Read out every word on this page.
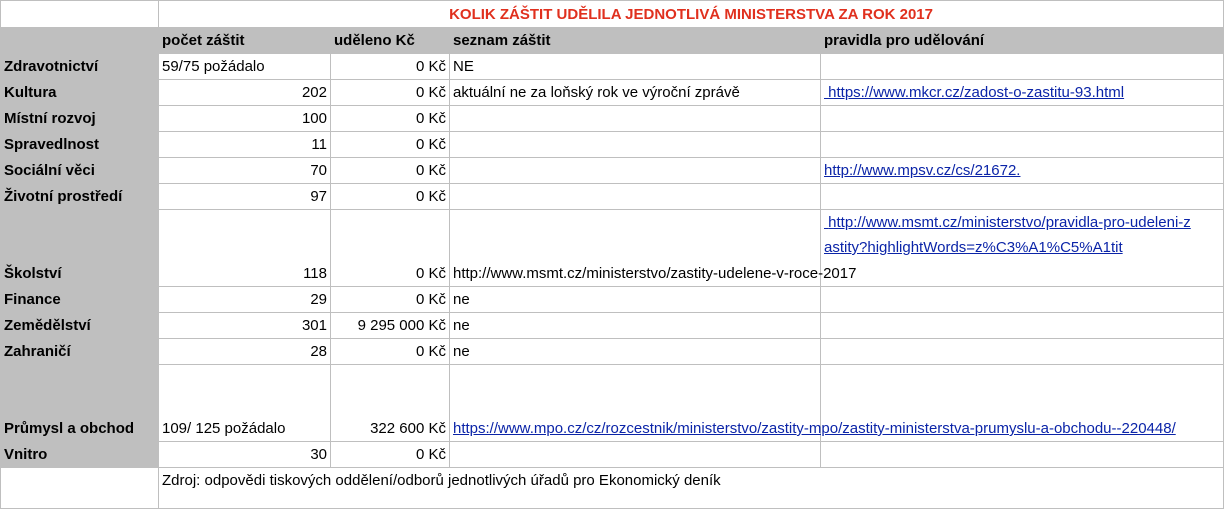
	KOLIK ZÁŠTIT UDĚLILA JEDNOTLIVÁ MINISTERSTVA ZA ROK 2017			
	počet záštit	uděleno Kč	seznam záštit	pravidla pro udělování
Zdravotnictví	59/75 požádalo	0 Kč	NE	
Kultura	202	0 Kč	aktuální ne za loňský rok ve výroční zprávě	https://www.mkcr.cz/zadost-o-zastitu-93.html
Místní rozvoj	100	0 Kč		
Spravedlnost	11	0 Kč		
Sociální věci	70	0 Kč		http://www.mpsv.cz/cs/21672.
Životní prostředí	97	0 Kč		
Školství	118	0 Kč	http://www.msmt.cz/ministerstvo/zastity-udelene-v-roce-2017	http://www.msmt.cz/ministerstvo/pravidla-pro-udeleni-zastity?highlightWords=z%C3%A1%C5%A1tit

Finance	29	0 Kč	ne	
Zemědělství	301	9 295 000 Kč	ne	
Zahraničí	28	0 Kč	ne	
Průmysl a obchod	109/ 125 požádalo	322 600 Kč	https://www.mpo.cz/cz/rozcestnik/ministerstvo/zastity-mpo/zastity-ministerstva-prumyslu-a-obchodu--220448/	

Vnitro	30	0 Kč		
	Zdroj: odpovědi tiskových oddělení/odborů jednotlivých úřadů pro Ekonomický deník			
